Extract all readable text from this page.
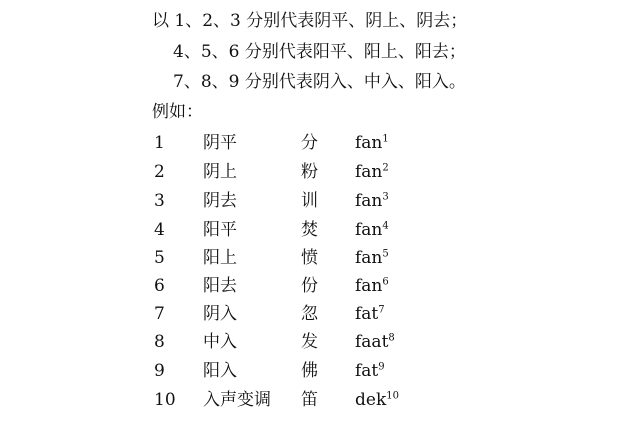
以 1、2、3 分别代表阴平、阴上、阴去；
4、5、6 分别代表阳平、阳上、阳去；
7、8、9 分别代表阴入、中入、阳入。
例如：
1 阴平	分 fan$^1$
2 阴上	粉 fan$^2$
3 阴去	训 fan$^3$
4 阳平	焚 fan$^4$
5 阳上	愤 fan$^5$
6 阳去	份 fan$^6$
7 阴入	忽 fat$^7$
8 中入	发 faat$^8$
9 阳入	佛 fat$^9$
10 入声变调 笛 dek$^{10}$
